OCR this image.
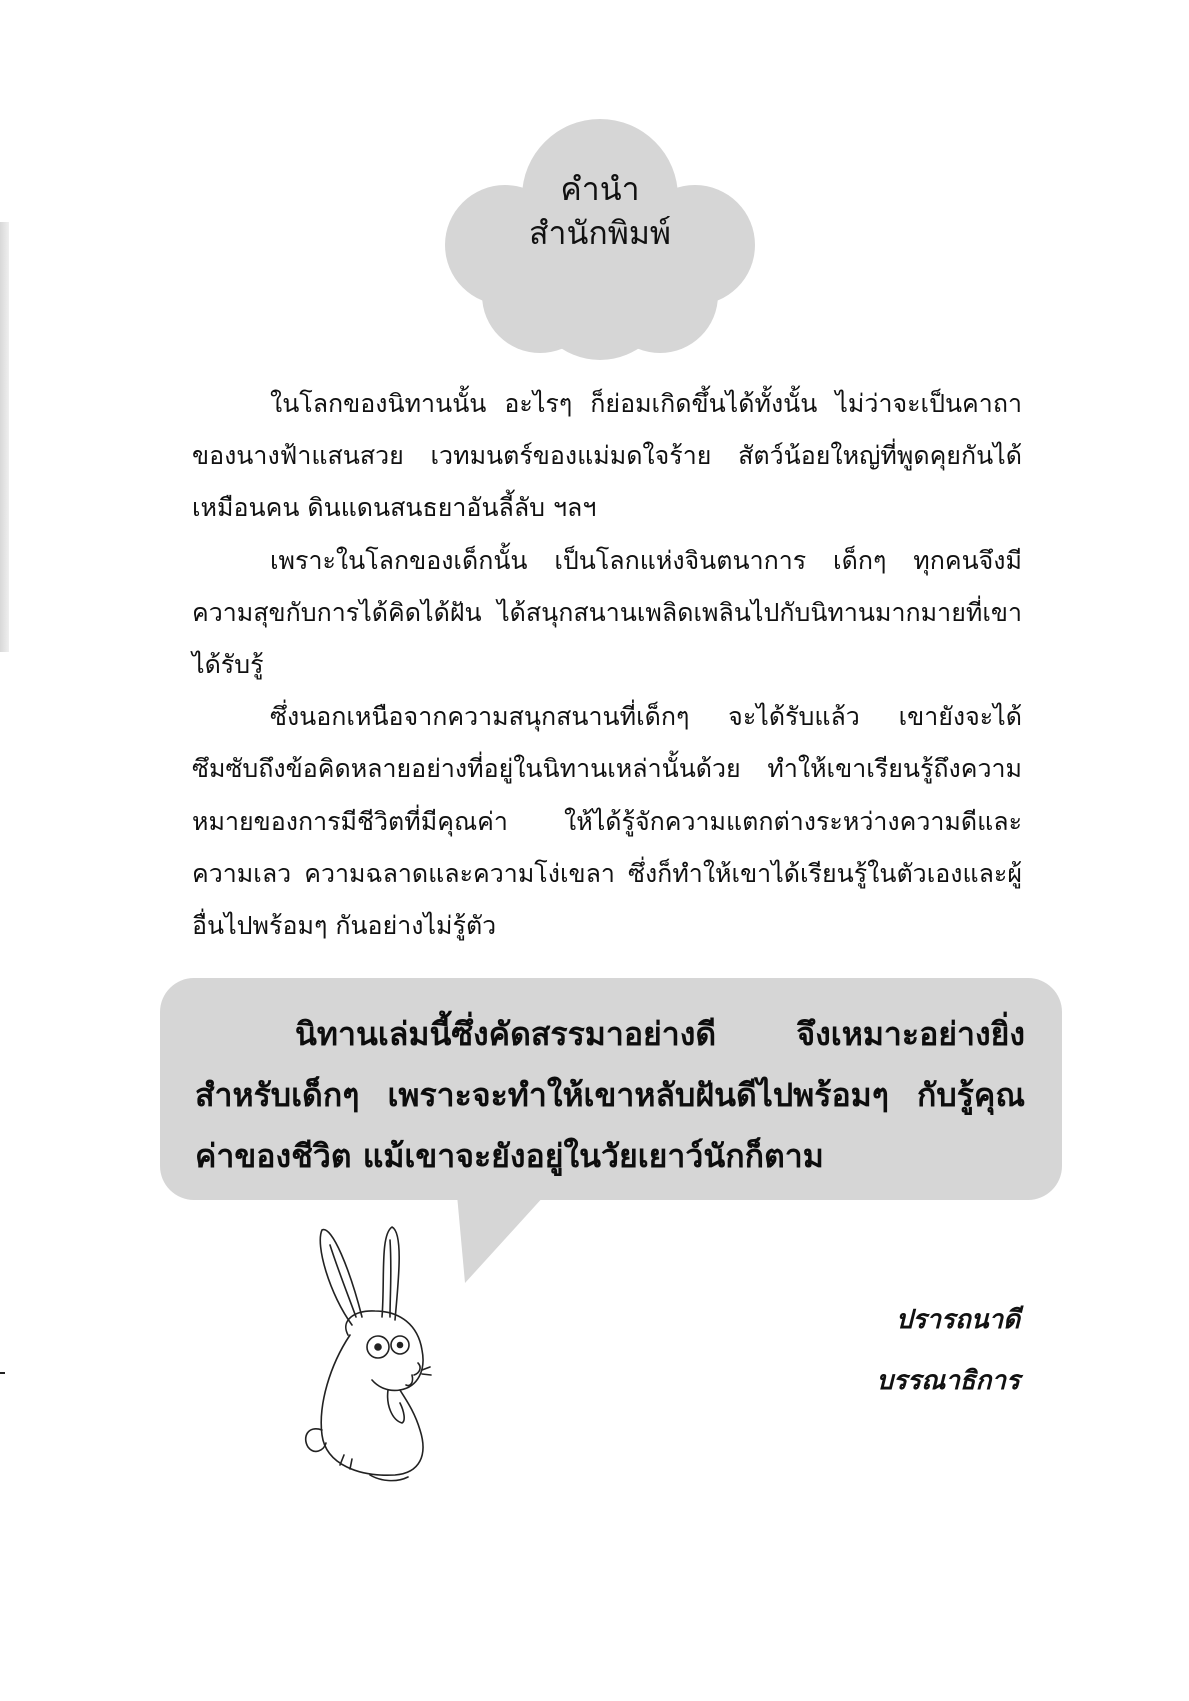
คำนำ
สำนักพิมพ์

ในโลกของนิทานนั้น อะไรๆ ก็ย่อมเกิดขึ้นได้ทั้งนั้น ไม่ว่าจะเป็นคาถาของนางฟ้าแสนสวย เวทมนตร์ของแม่มดใจร้าย สัตว์น้อยใหญ่ที่พูดคุยกันได้เหมือนคน ดินแดนสนธยาอันลี้ลับ ฯลฯ

เพราะในโลกของเด็กนั้น เป็นโลกแห่งจินตนาการ เด็กๆ ทุกคนจึงมีความสุขกับการได้คิดได้ฝัน ได้สนุกสนานเพลิดเพลินไปกับนิทานมากมายที่เขาได้รับรู้

ซึ่งนอกเหนือจากความสนุกสนานที่เด็กๆ จะได้รับแล้ว เขายังจะได้ซึมซับถึงข้อคิดหลายอย่างที่อยู่ในนิทานเหล่านั้นด้วย ทำให้เขาเรียนรู้ถึงความหมายของการมีชีวิตที่มีคุณค่า ให้ได้รู้จักความแตกต่างระหว่างความดีและความเลว ความฉลาดและความโง่เขลา ซึ่งก็ทำให้เขาได้เรียนรู้ในตัวเองและผู้อื่นไปพร้อมๆ กันอย่างไม่รู้ตัว

นิทานเล่มนี้ซึ่งคัดสรรมาอย่างดี จึงเหมาะอย่างยิ่งสำหรับเด็กๆ เพราะจะทำให้เขาหลับฝันดีไปพร้อมๆ กับรู้คุณค่าของชีวิต แม้เขาจะยังอยู่ในวัยเยาว์นักก็ตาม

ปรารถนาดี
บรรณาธิการ
